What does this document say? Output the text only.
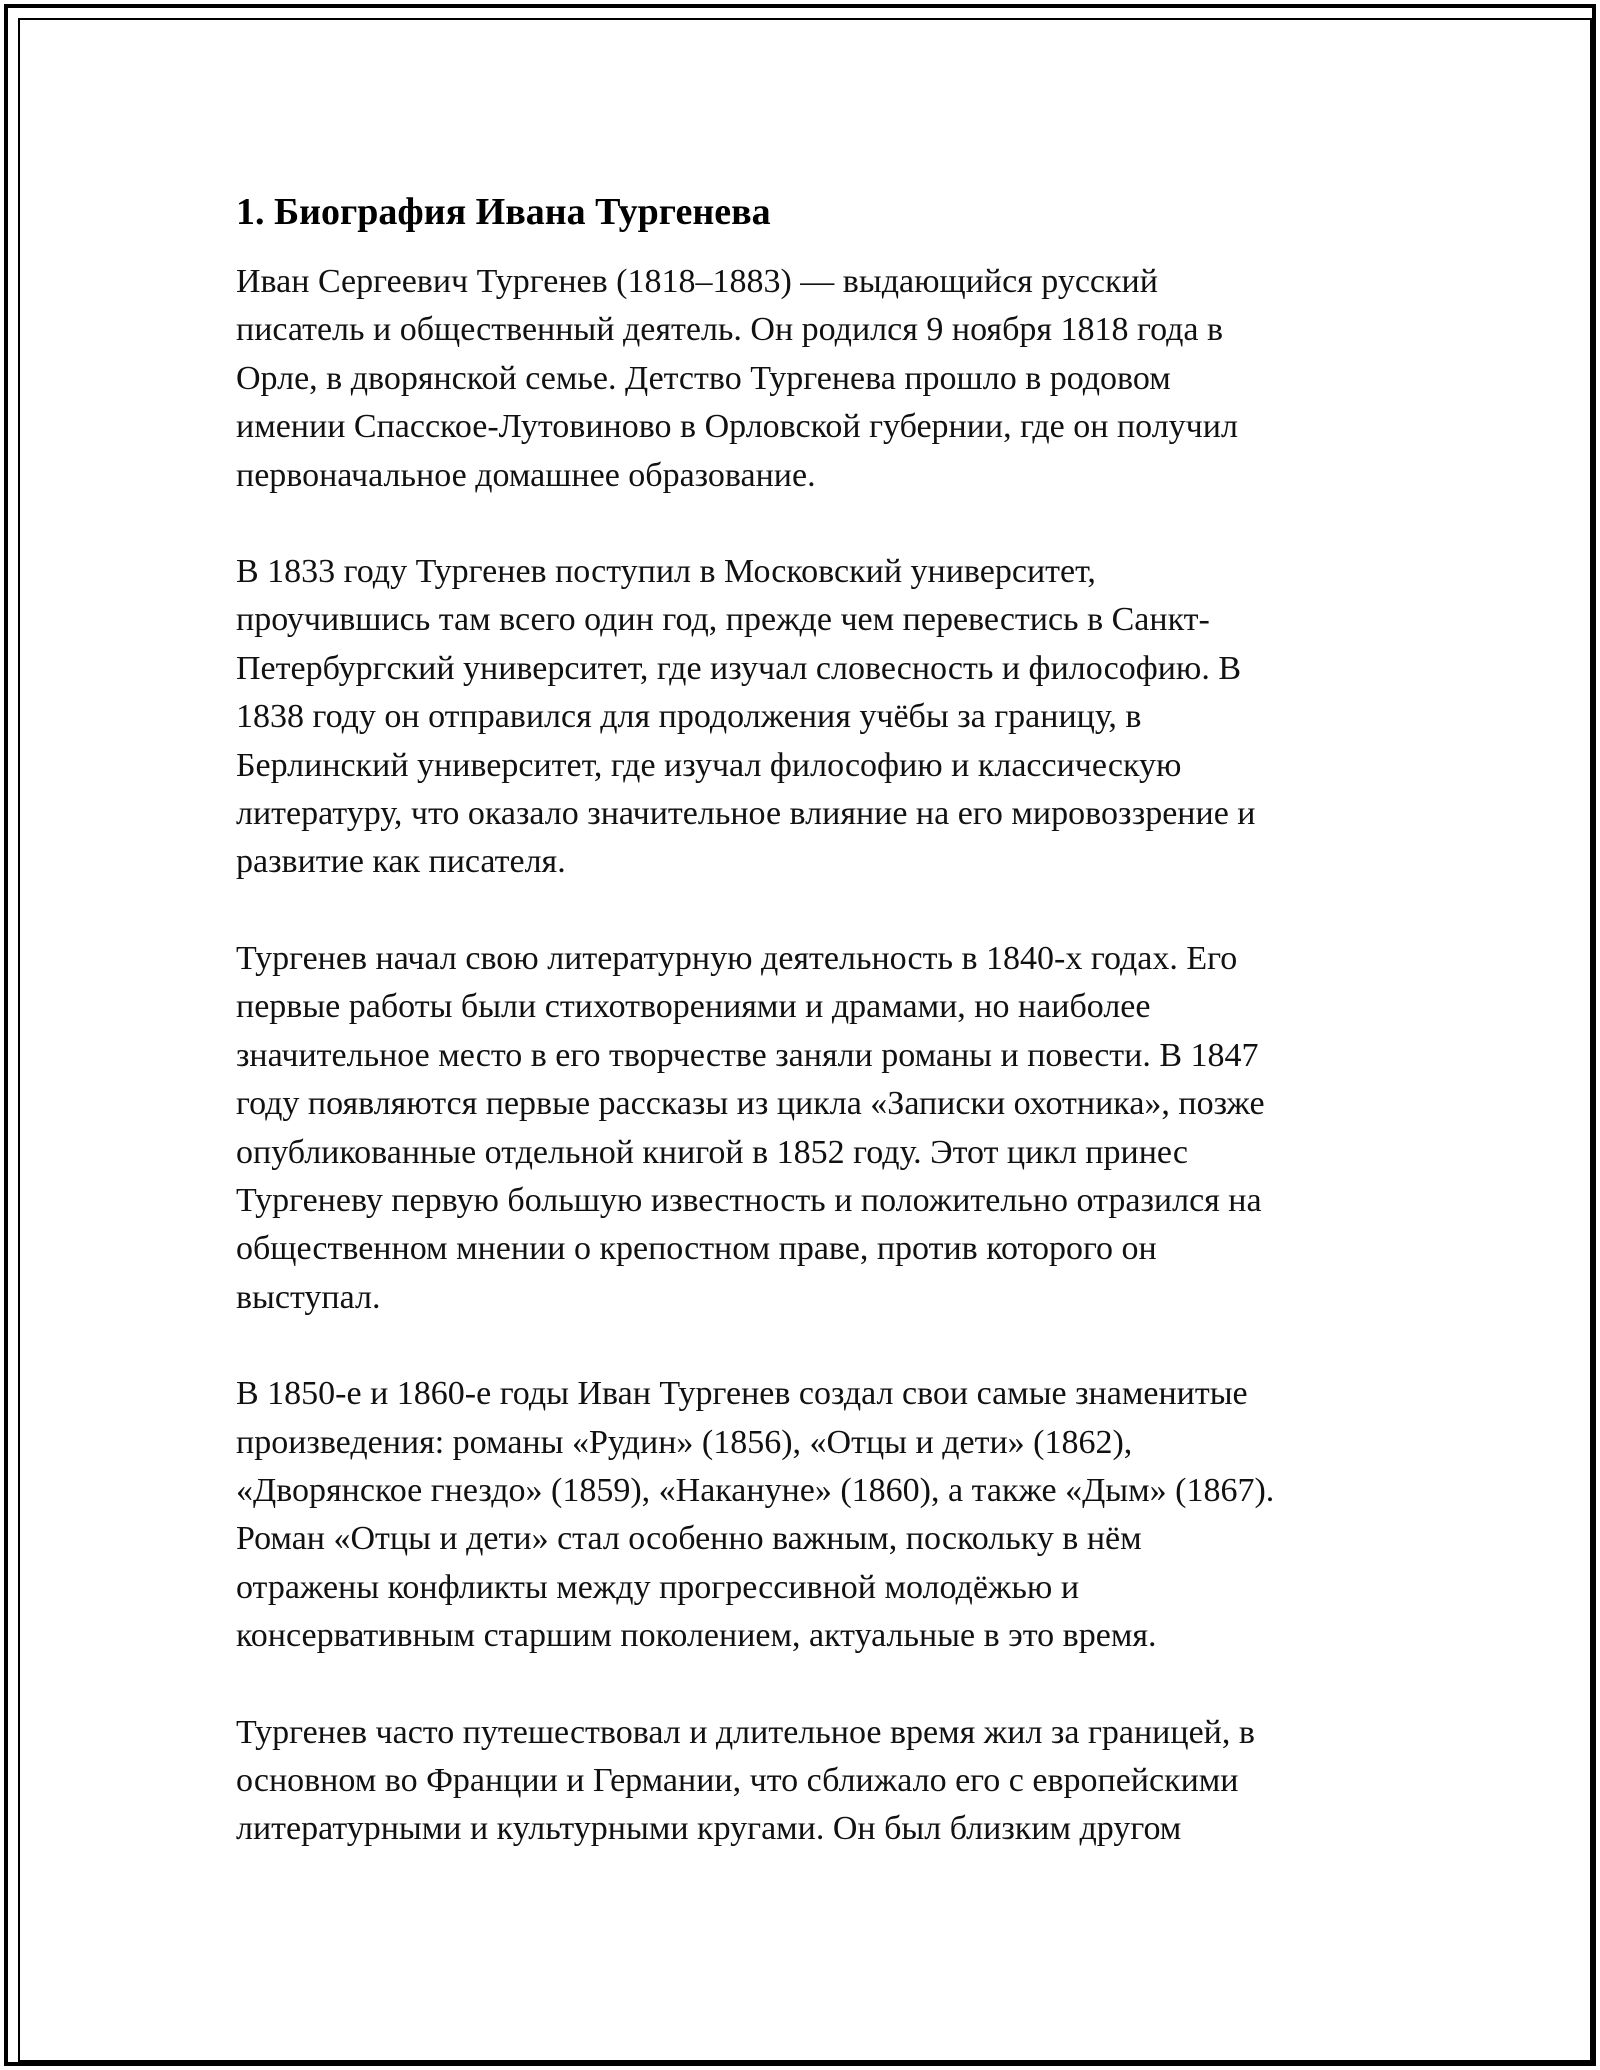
1. Биография Ивана Тургенева

Иван Сергеевич Тургенев (1818–1883) — выдающийся русский
писатель и общественный деятель. Он родился 9 ноября 1818 года в
Орле, в дворянской семье. Детство Тургенева прошло в родовом
имении Спасское-Лутовиново в Орловской губернии, где он получил
первоначальное домашнее образование.

В 1833 году Тургенев поступил в Московский университет,
проучившись там всего один год, прежде чем перевестись в Санкт-
Петербургский университет, где изучал словесность и философию. В
1838 году он отправился для продолжения учёбы за границу, в
Берлинский университет, где изучал философию и классическую
литературу, что оказало значительное влияние на его мировоззрение и
развитие как писателя.

Тургенев начал свою литературную деятельность в 1840-х годах. Его
первые работы были стихотворениями и драмами, но наиболее
значительное место в его творчестве заняли романы и повести. В 1847
году появляются первые рассказы из цикла «Записки охотника», позже
опубликованные отдельной книгой в 1852 году. Этот цикл принес
Тургеневу первую большую известность и положительно отразился на
общественном мнении о крепостном праве, против которого он
выступал.

В 1850-е и 1860-е годы Иван Тургенев создал свои самые знаменитые
произведения: романы «Рудин» (1856), «Отцы и дети» (1862),
«Дворянское гнездо» (1859), «Накануне» (1860), а также «Дым» (1867).
Роман «Отцы и дети» стал особенно важным, поскольку в нём
отражены конфликты между прогрессивной молодёжью и
консервативным старшим поколением, актуальные в это время.

Тургенев часто путешествовал и длительное время жил за границей, в
основном во Франции и Германии, что сближало его с европейскими
литературными и культурными кругами. Он был близким другом
